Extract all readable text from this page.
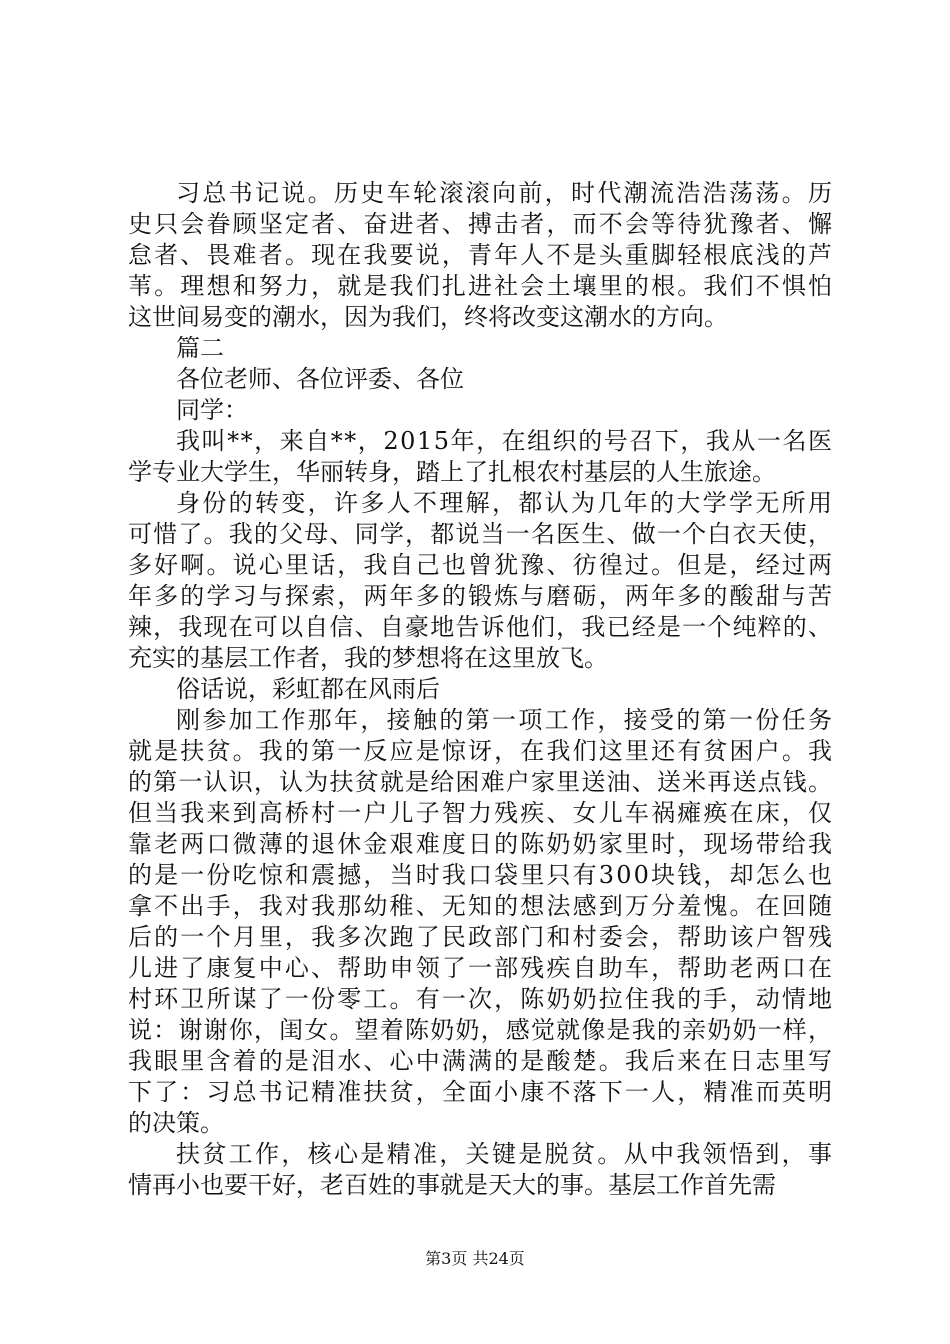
习总书记说。历史车轮滚滚向前，时代潮流浩浩荡荡。历
史只会眷顾坚定者、奋进者、搏击者，而不会等待犹豫者、懈
怠者、畏难者。现在我要说，青年人不是头重脚轻根底浅的芦
苇。理想和努力，就是我们扎进社会土壤里的根。我们不惧怕
这世间易变的潮水，因为我们，终将改变这潮水的方向。
篇二
各位老师、各位评委、各位
同学：
我叫**，来自**，2015年，在组织的号召下，我从一名医
学专业大学生，华丽转身，踏上了扎根农村基层的人生旅途。
身份的转变，许多人不理解，都认为几年的大学学无所用
可惜了。我的父母、同学，都说当一名医生、做一个白衣天使，
多好啊。说心里话，我自己也曾犹豫、彷徨过。但是，经过两
年多的学习与探索，两年多的锻炼与磨砺，两年多的酸甜与苦
辣，我现在可以自信、自豪地告诉他们，我已经是一个纯粹的、
充实的基层工作者，我的梦想将在这里放飞。
俗话说，彩虹都在风雨后
刚参加工作那年，接触的第一项工作，接受的第一份任务
就是扶贫。我的第一反应是惊讶，在我们这里还有贫困户。我
的第一认识，认为扶贫就是给困难户家里送油、送米再送点钱。
但当我来到高桥村一户儿子智力残疾、女儿车祸瘫痪在床，仅
靠老两口微薄的退休金艰难度日的陈奶奶家里时，现场带给我
的是一份吃惊和震撼，当时我口袋里只有300块钱，却怎么也
拿不出手，我对我那幼稚、无知的想法感到万分羞愧。在回随
后的一个月里，我多次跑了民政部门和村委会，帮助该户智残
儿进了康复中心、帮助申领了一部残疾自助车，帮助老两口在
村环卫所谋了一份零工。有一次，陈奶奶拉住我的手，动情地
说：谢谢你，闺女。望着陈奶奶，感觉就像是我的亲奶奶一样，
我眼里含着的是泪水、心中满满的是酸楚。我后来在日志里写
下了：习总书记精准扶贫，全面小康不落下一人，精准而英明
的决策。
扶贫工作，核心是精准，关键是脱贫。从中我领悟到，事
情再小也要干好，老百姓的事就是天大的事。基层工作首先需
第3页 共24页
